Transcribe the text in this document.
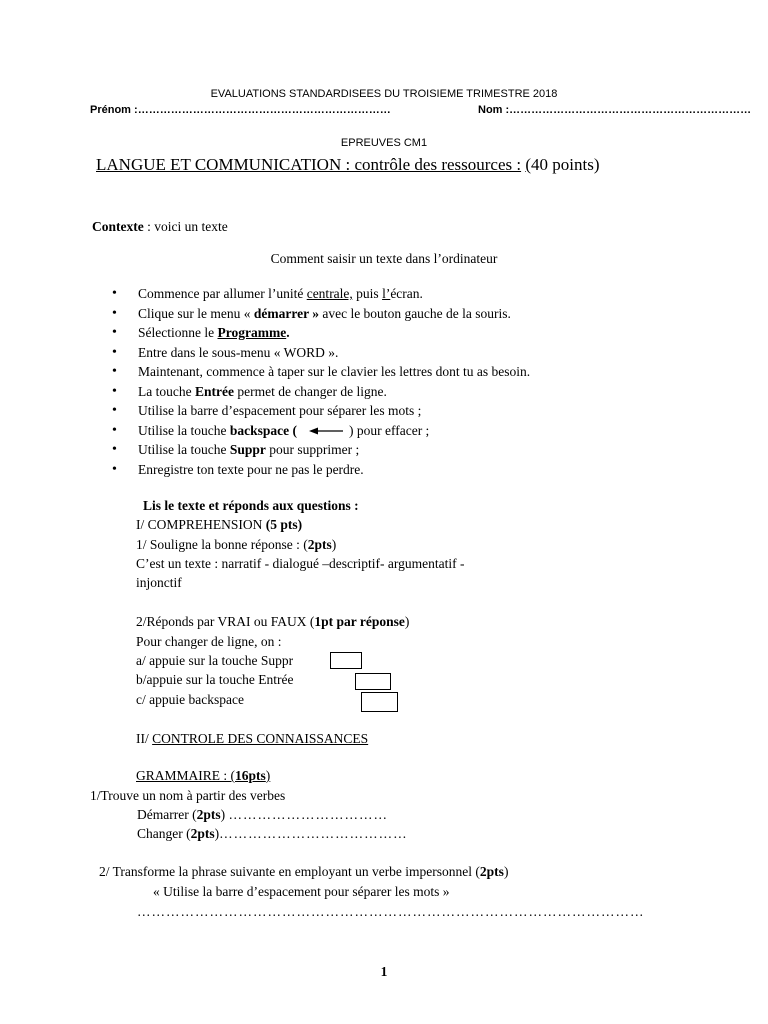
EVALUATIONS STANDARDISEES DU TROISIEME TRIMESTRE 2018
Prénom :……………………………………………………………	Nom :…………………………………………………………
EPREUVES CM1
LANGUE ET COMMUNICATION : contrôle des ressources : (40 points)
Contexte : voici un texte
Comment saisir un texte dans l’ordinateur
• Commence par allumer l’unité centrale, puis l’écran.
• Clique sur le menu « démarrer » avec le bouton gauche de la souris.
• Sélectionne le Programme.
• Entre dans le sous-menu « WORD ».
• Maintenant, commence à taper sur le clavier les lettres dont tu as besoin.
• La touche Entrée permet de changer de ligne.
• Utilise la barre d’espacement pour séparer les mots ;
• Utilise la touche backspace (	) pour effacer ;
• Utilise la touche Suppr pour supprimer ;
• Enregistre ton texte pour ne pas le perdre.
Lis le texte et réponds aux questions :
I/ COMPREHENSION (5 pts)
1/ Souligne la bonne réponse : (2pts)
C’est un texte : narratif - dialogué –descriptif- argumentatif -
injonctif
2/Réponds par VRAI ou FAUX (1pt par réponse)
Pour changer de ligne, on :
a/ appuie sur la touche Suppr
b/appuie sur la touche Entrée
c/ appuie backspace
II/ CONTROLE DES CONNAISSANCES
GRAMMAIRE : (16pts)
1/Trouve un nom à partir des verbes
Démarrer (2pts) ……………………………
Changer (2pts)…………………………………
2/ Transforme la phrase suivante en employant un verbe impersonnel (2pts)
« Utilise la barre d’espacement pour séparer les mots »
……………………………………………………………………………………………
1
